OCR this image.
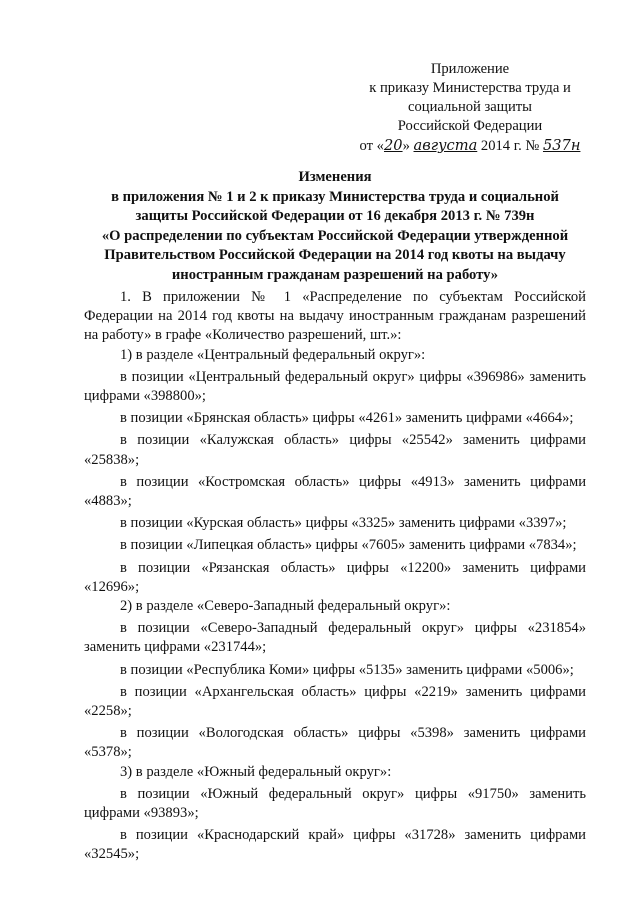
Приложение
к приказу Министерства труда и
социальной защиты
Российской Федерации
от «20» августа 2014 г. № 537н
Изменения
в приложения № 1 и 2 к приказу Министерства труда и социальной
защиты Российской Федерации от 16 декабря 2013 г. № 739н
«О распределении по субъектам Российской Федерации утвержденной
Правительством Российской Федерации на 2014 год квоты на выдачу
иностранным гражданам разрешений на работу»

1. В приложении № 1 «Распределение по субъектам Российской Федерации на 2014 год квоты на выдачу иностранным гражданам разрешений на работу» в графе «Количество разрешений, шт.»:

1) в разделе «Центральный федеральный округ»:

в позиции «Центральный федеральный округ» цифры «396986» заменить цифрами «398800»;

в позиции «Брянская область» цифры «4261» заменить цифрами «4664»;

в позиции «Калужская область» цифры «25542» заменить цифрами «25838»;

в позиции «Костромская область» цифры «4913» заменить цифрами «4883»;

в позиции «Курская область» цифры «3325» заменить цифрами «3397»;

в позиции «Липецкая область» цифры «7605» заменить цифрами «7834»;

в позиции «Рязанская область» цифры «12200» заменить цифрами «12696»;

2) в разделе «Северо-Западный федеральный округ»:

в позиции «Северо-Западный федеральный округ» цифры «231854» заменить цифрами «231744»;

в позиции «Республика Коми» цифры «5135» заменить цифрами «5006»;

в позиции «Архангельская область» цифры «2219» заменить цифрами «2258»;

в позиции «Вологодская область» цифры «5398» заменить цифрами «5378»;

3) в разделе «Южный федеральный округ»:

в позиции «Южный федеральный округ» цифры «91750» заменить цифрами «93893»;

в позиции «Краснодарский край» цифры «31728» заменить цифрами «32545»;
